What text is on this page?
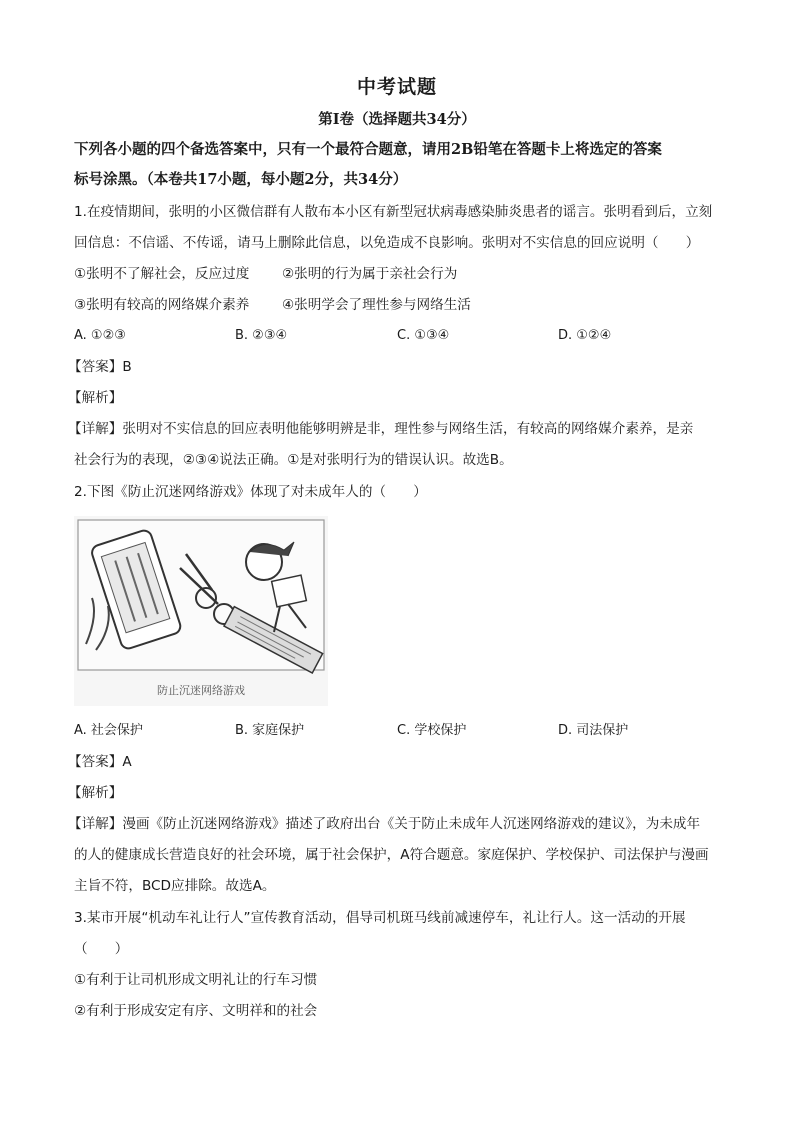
中考试题
第Ⅰ卷（选择题共34分）
下列各小题的四个备选答案中，只有一个最符合题意，请用2B铅笔在答题卡上将选定的答案
标号涂黑。（本卷共17小题，每小题2分，共34分）
1.在疫情期间，张明的小区微信群有人散布本小区有新型冠状病毒感染肺炎患者的谣言。张明看到后，立刻
回信息：不信谣、不传谣，请马上删除此信息，以免造成不良影响。张明对不实信息的回应说明（　　）
①张明不了解社会，反应过度 ②张明的行为属于亲社会行为
③张明有较高的网络媒介素养 ④张明学会了理性参与网络生活
A. ①②③	B. ②③④	C. ①③④	D. ①②④
【答案】B
【解析】
【详解】张明对不实信息的回应表明他能够明辨是非，理性参与网络生活，有较高的网络媒介素养，是亲
社会行为的表现，②③④说法正确。①是对张明行为的错误认识。故选B。
2.下图《防止沉迷网络游戏》体现了对未成年人的（　　）
防止沉迷网络游戏
A. 社会保护	B. 家庭保护	C. 学校保护	D. 司法保护
【答案】A
【解析】
【详解】漫画《防止沉迷网络游戏》描述了政府出台《关于防止未成年人沉迷网络游戏的建议》，为未成年
的人的健康成长营造良好的社会环境，属于社会保护，A符合题意。家庭保护、学校保护、司法保护与漫画
主旨不符，BCD应排除。故选A。
3.某市开展“机动车礼让行人”宣传教育活动，倡导司机斑马线前减速停车，礼让行人。这一活动的开展
（　　）
①有利于让司机形成文明礼让的行车习惯
②有利于形成安定有序、文明祥和的社会
